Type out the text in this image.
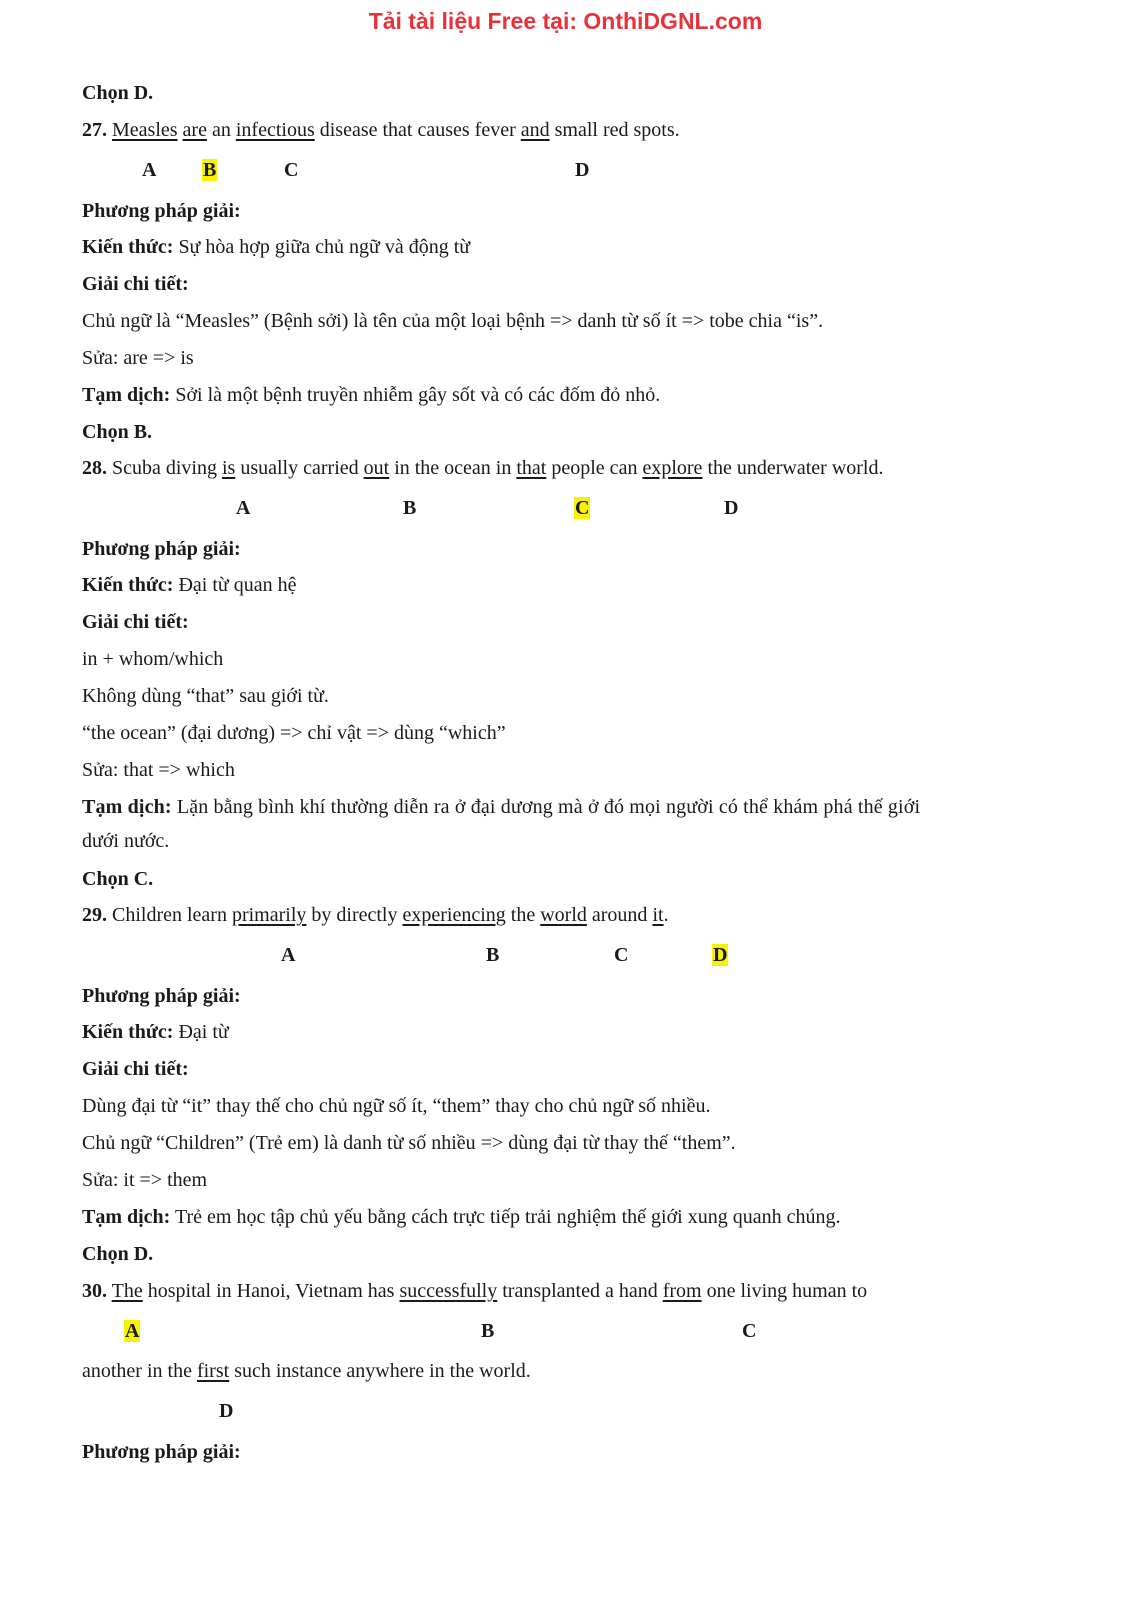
Tải tài liệu Free tại: OnthiDGNL.com
Chọn D.
27. Measles are an infectious disease that causes fever and small red spots.
A B	C	D
Phương pháp giải:
Kiến thức: Sự hòa hợp giữa chủ ngữ và động từ
Giải chi tiết:
Chủ ngữ là “Measles” (Bệnh sởi) là tên của một loại bệnh => danh từ số ít => tobe chia “is”.
Sửa: are => is
Tạm dịch: Sởi là một bệnh truyền nhiễm gây sốt và có các đốm đỏ nhỏ.
Chọn B.
28. Scuba diving is usually carried out in the ocean in that people can explore the underwater world.
A	B	C	D
Phương pháp giải:
Kiến thức: Đại từ quan hệ
Giải chi tiết:
in + whom/which
Không dùng “that” sau giới từ.
“the ocean” (đại dương) => chỉ vật => dùng “which”
Sửa: that => which
Tạm dịch: Lặn bằng bình khí thường diễn ra ở đại dương mà ở đó mọi người có thể khám phá thế giới
dưới nước.
Chọn C.
29. Children learn primarily by directly experiencing the world around it.
A	B	C	D
Phương pháp giải:
Kiến thức: Đại từ
Giải chi tiết:
Dùng đại từ “it” thay thế cho chủ ngữ số ít, “them” thay cho chủ ngữ số nhiều.
Chủ ngữ “Children” (Trẻ em) là danh từ số nhiều => dùng đại từ thay thế “them”.
Sửa: it => them
Tạm dịch: Trẻ em học tập chủ yếu bằng cách trực tiếp trải nghiệm thế giới xung quanh chúng.
Chọn D.
30. The hospital in Hanoi, Vietnam has successfully transplanted a hand from one living human to
A	B	C
another in the first such instance anywhere in the world.
D
Phương pháp giải:
